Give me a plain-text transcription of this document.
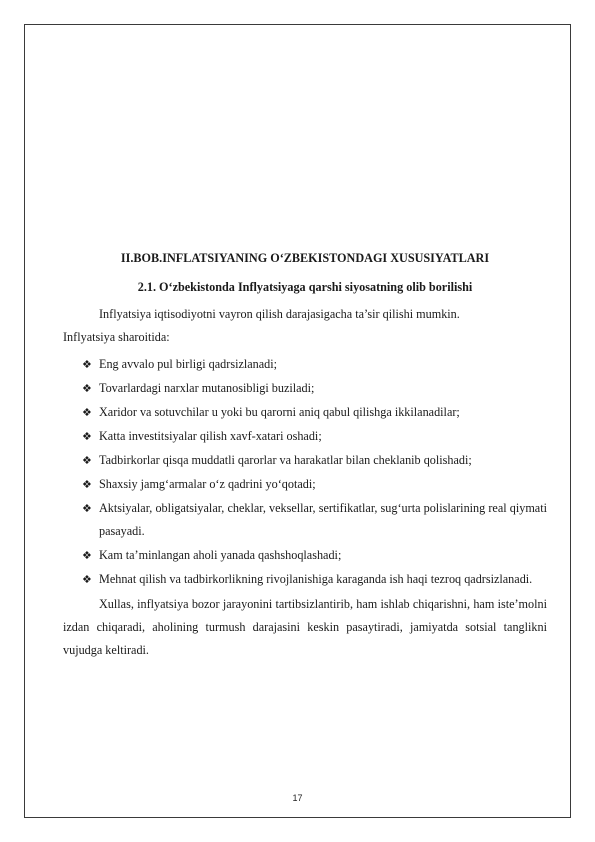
II.BOB.INFLATSIYANING O‘ZBEKISTONDAGI XUSUSIYATLARI
2.1. O‘zbekistonda Inflyatsiyaga qarshi siyosatning olib borilishi

Inflyatsiya iqtisodiyotni vayron qilish darajasigacha ta’sir qilishi mumkin.

Inflyatsiya sharoitida:

❖ Eng avvalo pul birligi qadrsizlanadi;
❖ Tovarlardagi narxlar mutanosibligi buziladi;
❖ Xaridor va sotuvchilar u yoki bu qarorni aniq qabul qilishga ikkilanadilar;
❖ Katta investitsiyalar qilish xavf-xatari oshadi;
❖ Tadbirkorlar qisqa muddatli qarorlar va harakatlar bilan cheklanib qolishadi;
❖ Shaxsiy jamg‘armalar o‘z qadrini yo‘qotadi;
❖ Aktsiyalar, obligatsiyalar, cheklar, veksellar, sertifikatlar, sug‘urta polislarining real qiymati pasayadi.
❖ Kam ta’minlangan aholi yanada qashshoqlashadi;
❖ Mehnat qilish va tadbirkorlikning rivojlanishiga karaganda ish haqi tezroq qadrsizlanadi.

Xullas, inflyatsiya bozor jarayonini tartibsizlantirib, ham ishlab chiqarishni, ham iste’molni izdan chiqaradi, aholining turmush darajasini keskin pasaytiradi, jamiyatda sotsial tanglikni vujudga keltiradi.

17
